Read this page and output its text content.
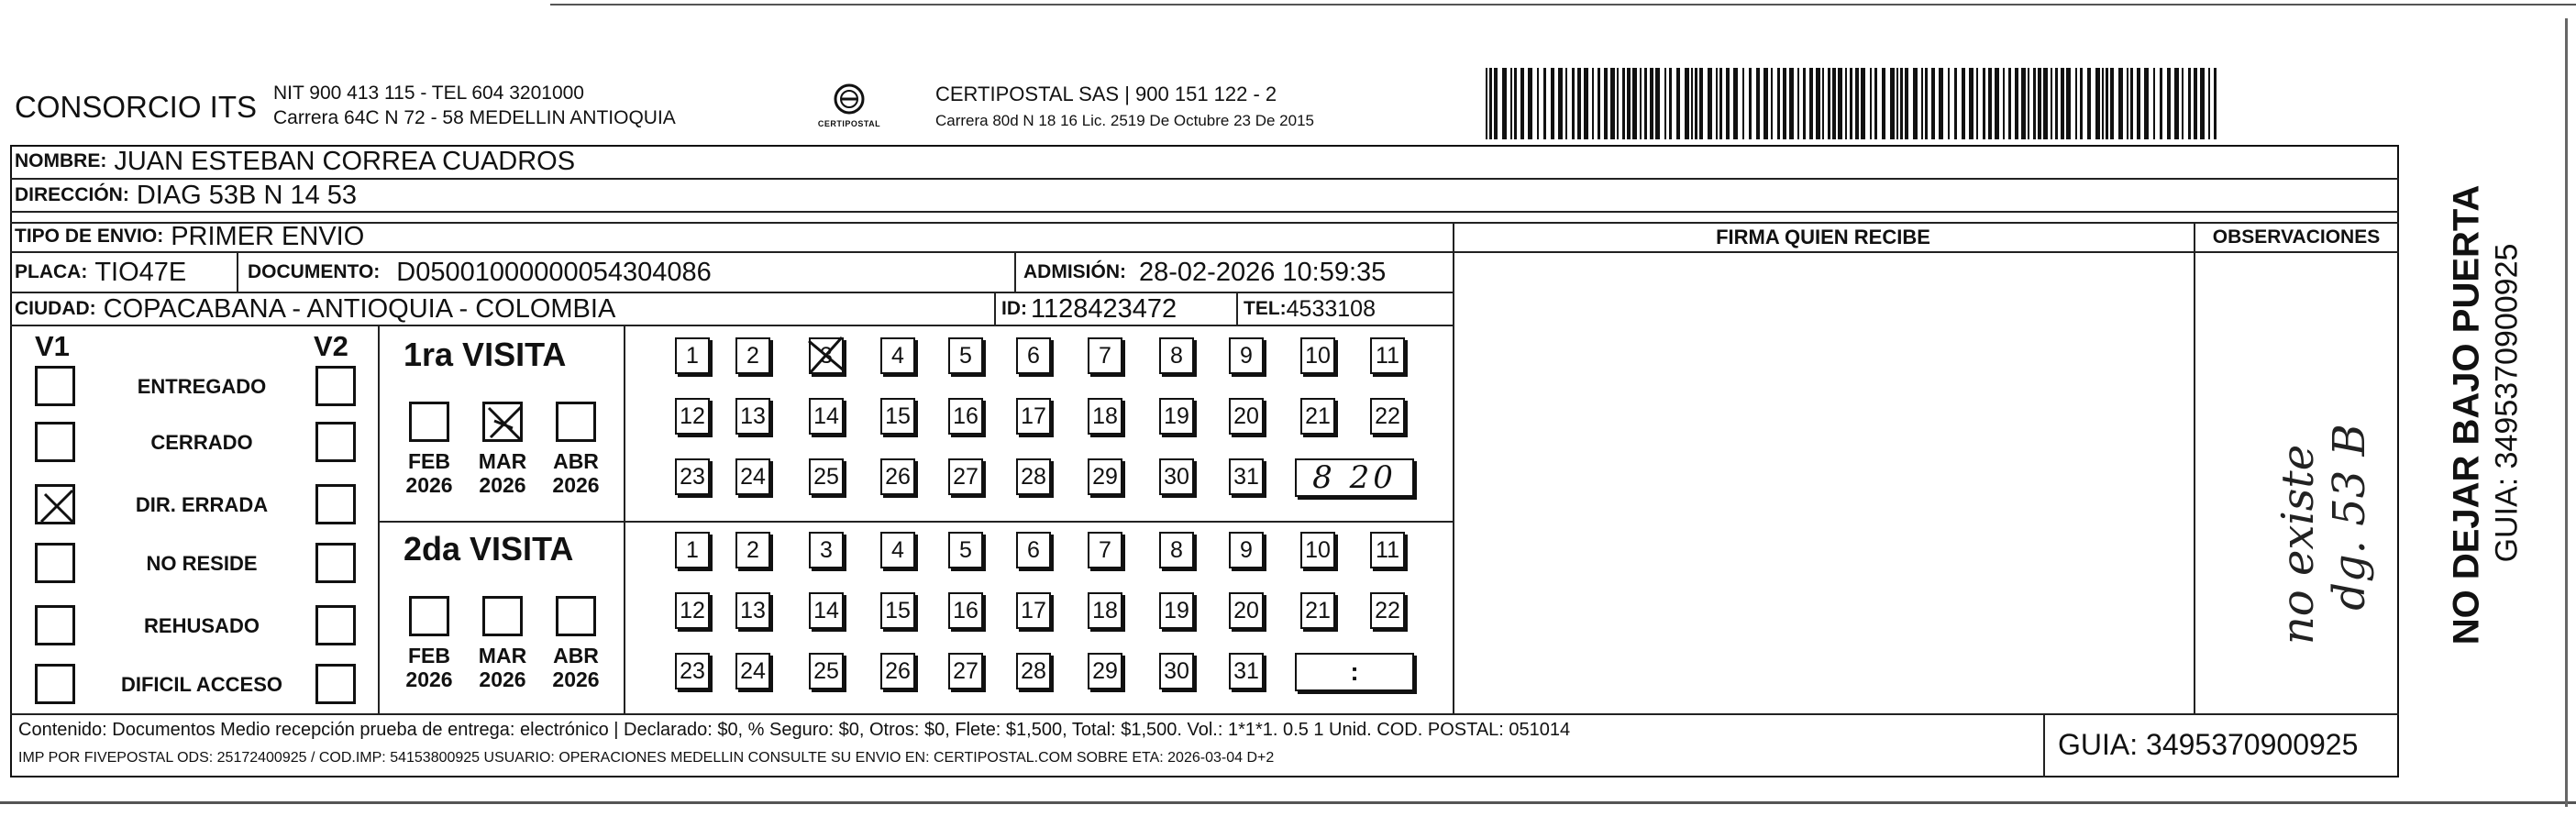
CONSORCIO ITS NIT 900 413 115 - TEL 604 3201000
Carrera 64C N 72 - 58 MEDELLIN ANTIOQUIA	CERTIPOSTAL
CERTIPOSTAL SAS | 900 151 122 - 2
Carrera 80d N 18 16 Lic. 2519 De Octubre 23 De 2015
NOMBRE: JUAN ESTEBAN CORREA CUADROS
DIRECCIÓN: DIAG 53B N 14 53
TIPO DE ENVIO: PRIMER ENVIO
PLACA: TIO47E	DOCUMENTO: D05001000000054304086	ADMISIÓN: 28-02-2026 10:59:35
CIUDAD: COPACABANA - ANTIOQUIA - COLOMBIA	ID: 1128423472	TEL: 4533108
FIRMA QUIEN RECIBE	OBSERVACIONES
no existe dg. 53 B
V1	V2
ENTREGADO
CERRADO
DIR. ERRADA
NO RESIDE
REHUSADO
DIFICIL ACCESO
1ra VISITA
FEB
2026
MAR
2026
ABR
2026
1 2	3	4 5 6	7	8 9 10 11
12 13 14 15 16 17 18 19 20 21 22
23 24 25 26 27 28 29 30 31 8 20
2da VISITA
FEB
2026
MAR
2026
ABR
2026
1 2	3	4 5 6	7	8 9 10 11
12 13 14 15 16 17 18 19 20 21 22
23 24 25 26 27 28 29 30 31	:
Contenido: Documentos Medio recepción prueba de entrega: electrónico | Declarado: $0, % Seguro: $0, Otros: $0, Flete: $1,500, Total: $1,500. Vol.: 1*1*1. 0.5 1 Unid. COD. POSTAL: 051014
IMP POR FIVEPOSTAL ODS: 25172400925 / COD.IMP: 54153800925 USUARIO: OPERACIONES MEDELLIN CONSULTE SU ENVIO EN: CERTIPOSTAL.COM SOBRE ETA: 2026-03-04 D+2	GUIA: 3495370900925
NO DEJAR BAJO PUERTA GUIA: 3495370900925
